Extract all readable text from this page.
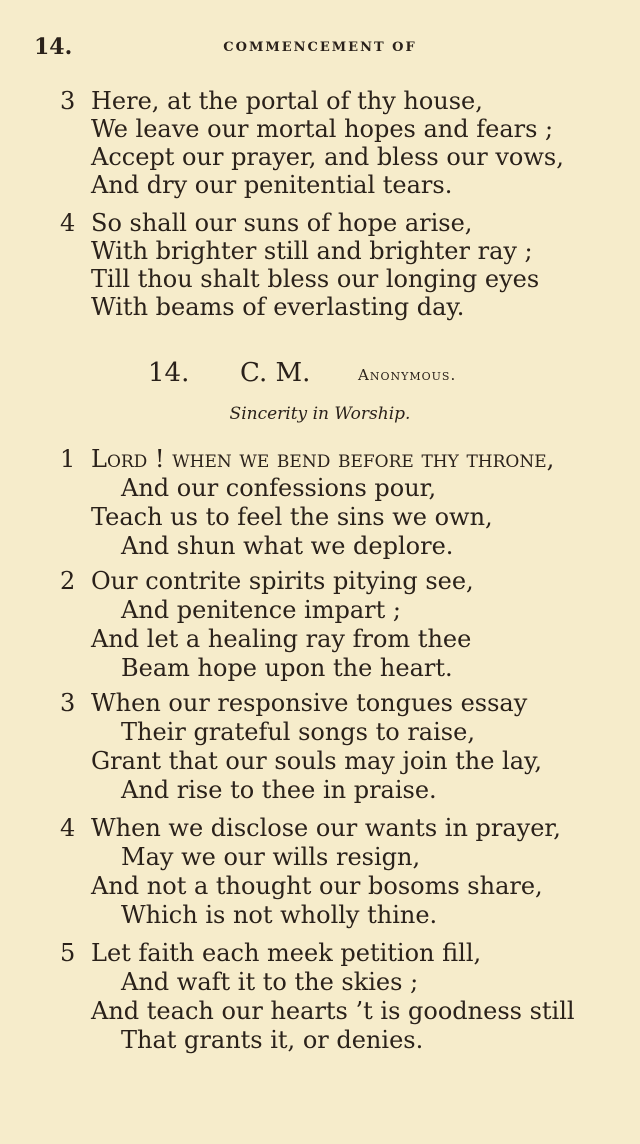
14.	COMMENCEMENT OF
3 Here, at the portal of thy house,
We leave our mortal hopes and fears ;
Accept our prayer, and bless our vows,
And dry our penitential tears.
4 So shall our suns of hope arise,
With brighter still and brighter ray ;
Till thou shalt bless our longing eyes
With beams of everlasting day.
14. C. M.	Anonymous.
Sincerity in Worship.
1 Lord ! when we bend before thy throne,
And our confessions pour,
Teach us to feel the sins we own,
And shun what we deplore.
2 Our contrite spirits pitying see,
And penitence impart ;
And let a healing ray from thee
Beam hope upon the heart.
3 When our responsive tongues essay
Their grateful songs to raise,
Grant that our souls may join the lay,
And rise to thee in praise.
4 When we disclose our wants in prayer,
May we our wills resign,
And not a thought our bosoms share,
Which is not wholly thine.
5 Let faith each meek petition fill,
And waft it to the skies ;
And teach our hearts ’t is goodness still
That grants it, or denies.
